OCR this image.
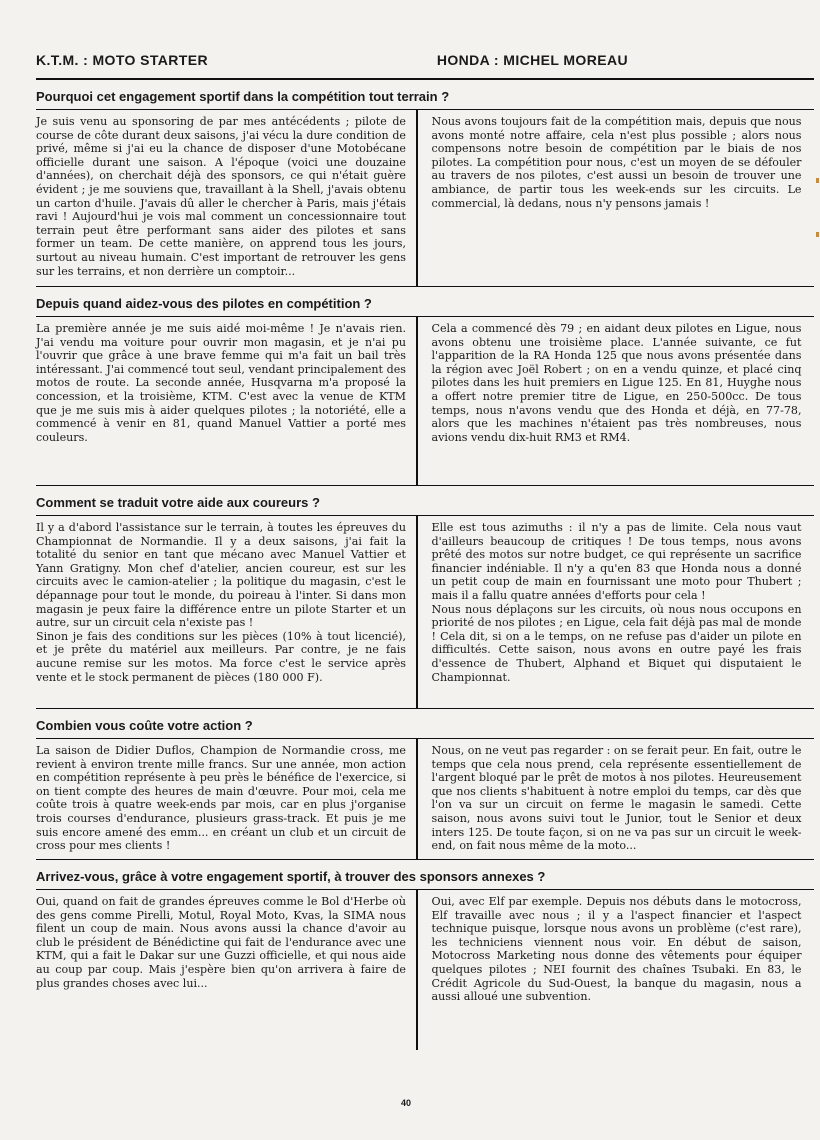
K.T.M. : MOTO STARTER	HONDA : MICHEL MOREAU
Pourquoi cet engagement sportif dans la compétition tout terrain ?

Je suis venu au sponsoring de par mes antécédents ; pilote de course de côte durant deux saisons, j'ai vécu la dure condition de privé, même si j'ai eu la chance de disposer d'une Motobécane officielle durant une saison. A l'époque (voici une douzaine d'années), on cherchait déjà des sponsors, ce qui n'était guère évident ; je me souviens que, travaillant à la Shell, j'avais obtenu un carton d'huile. J'avais dû aller le chercher à Paris, mais j'étais ravi ! Aujourd'hui je vois mal comment un concessionnaire tout terrain peut être performant sans aider des pilotes et sans former un team. De cette manière, on apprend tous les jours, surtout au niveau humain. C'est important de retrouver les gens sur les terrains, et non derrière un comptoir...

Nous avons toujours fait de la compétition mais, depuis que nous avons monté notre affaire, cela n'est plus possible ; alors nous compensons notre besoin de compétition par le biais de nos pilotes. La compétition pour nous, c'est un moyen de se défouler au travers de nos pilotes, c'est aussi un besoin de trouver une ambiance, de partir tous les week-ends sur les circuits. Le commercial, là dedans, nous n'y pensons jamais !

Depuis quand aidez-vous des pilotes en compétition ?

La première année je me suis aidé moi-même ! Je n'avais rien. J'ai vendu ma voiture pour ouvrir mon magasin, et je n'ai pu l'ouvrir que grâce à une brave femme qui m'a fait un bail très intéressant. J'ai commencé tout seul, vendant principalement des motos de route. La seconde année, Husqvarna m'a proposé la concession, et la troisième, KTM. C'est avec la venue de KTM que je me suis mis à aider quelques pilotes ; la notoriété, elle a commencé à venir en 81, quand Manuel Vattier a porté mes couleurs.

Cela a commencé dès 79 ; en aidant deux pilotes en Ligue, nous avons obtenu une troisième place. L'année suivante, ce fut l'apparition de la RA Honda 125 que nous avons présentée dans la région avec Joël Robert ; on en a vendu quinze, et placé cinq pilotes dans les huit premiers en Ligue 125. En 81, Huyghe nous a offert notre premier titre de Ligue, en 250-500cc. De tous temps, nous n'avons vendu que des Honda et déjà, en 77-78, alors que les machines n'étaient pas très nombreuses, nous avions vendu dix-huit RM3 et RM4.

Comment se traduit votre aide aux coureurs ?

Il y a d'abord l'assistance sur le terrain, à toutes les épreuves du Championnat de Normandie. Il y a deux saisons, j'ai fait la totalité du senior en tant que mécano avec Manuel Vattier et Yann Gratigny. Mon chef d'atelier, ancien coureur, est sur les circuits avec le camion-atelier ; la politique du magasin, c'est le dépannage pour tout le monde, du poireau à l'inter. Si dans mon magasin je peux faire la différence entre un pilote Starter et un autre, sur un circuit cela n'existe pas !
Sinon je fais des conditions sur les pièces (10% à tout licencié), et je prête du matériel aux meilleurs. Par contre, je ne fais aucune remise sur les motos. Ma force c'est le service après vente et le stock permanent de pièces (180 000 F).

Elle est tous azimuths : il n'y a pas de limite. Cela nous vaut d'ailleurs beaucoup de critiques ! De tous temps, nous avons prêté des motos sur notre budget, ce qui représente un sacrifice financier indéniable. Il n'y a qu'en 83 que Honda nous a donné un petit coup de main en fournissant une moto pour Thubert ; mais il a fallu quatre années d'efforts pour cela !
Nous nous déplaçons sur les circuits, où nous nous occupons en priorité de nos pilotes ; en Ligue, cela fait déjà pas mal de monde ! Cela dit, si on a le temps, on ne refuse pas d'aider un pilote en difficultés. Cette saison, nous avons en outre payé les frais d'essence de Thubert, Alphand et Biquet qui disputaient le Championnat.

Combien vous coûte votre action ?

La saison de Didier Duflos, Champion de Normandie cross, me revient à environ trente mille francs. Sur une année, mon action en compétition représente à peu près le bénéfice de l'exercice, si on tient compte des heures de main d'œuvre. Pour moi, cela me coûte trois à quatre week-ends par mois, car en plus j'organise trois courses d'endurance, plusieurs grass-track. Et puis je me suis encore amené des emm... en créant un club et un circuit de cross pour mes clients !

Nous, on ne veut pas regarder : on se ferait peur. En fait, outre le temps que cela nous prend, cela représente essentiellement de l'argent bloqué par le prêt de motos à nos pilotes. Heureusement que nos clients s'habituent à notre emploi du temps, car dès que l'on va sur un circuit on ferme le magasin le samedi. Cette saison, nous avons suivi tout le Junior, tout le Senior et deux inters 125. De toute façon, si on ne va pas sur un circuit le week-end, on fait nous même de la moto...

Arrivez-vous, grâce à votre engagement sportif, à trouver des sponsors annexes ?

Oui, quand on fait de grandes épreuves comme le Bol d'Herbe où des gens comme Pirelli, Motul, Royal Moto, Kvas, la SIMA nous filent un coup de main. Nous avons aussi la chance d'avoir au club le président de Bénédictine qui fait de l'endurance avec une KTM, qui a fait le Dakar sur une Guzzi officielle, et qui nous aide au coup par coup. Mais j'espère bien qu'on arrivera à faire de plus grandes choses avec lui...

Oui, avec Elf par exemple. Depuis nos débuts dans le motocross, Elf travaille avec nous ; il y a l'aspect financier et l'aspect technique puisque, lorsque nous avons un problème (c'est rare), les techniciens viennent nous voir. En début de saison, Motocross Marketing nous donne des vêtements pour équiper quelques pilotes ; NEI fournit des chaînes Tsubaki. En 83, le Crédit Agricole du Sud-Ouest, la banque du magasin, nous a aussi alloué une subvention.

40
